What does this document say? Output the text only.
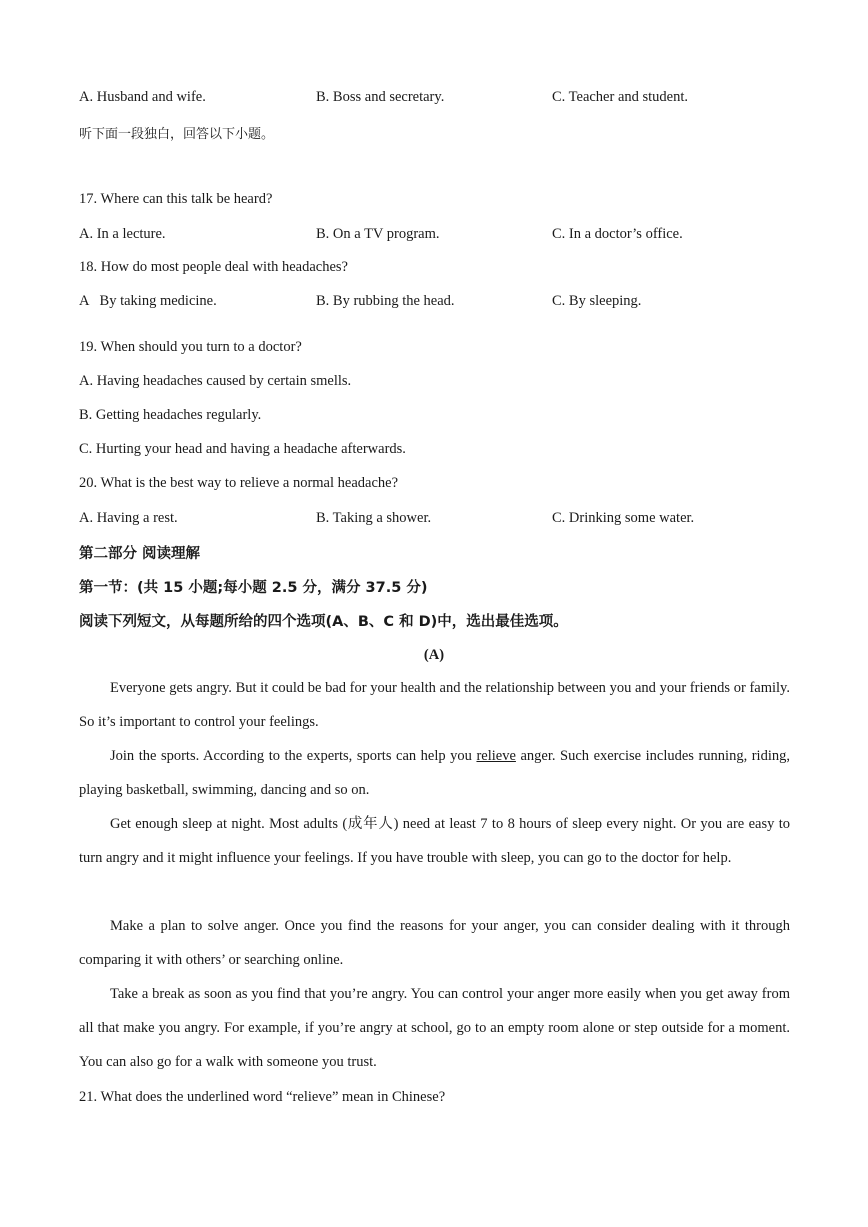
A. Husband and wife.	B. Boss and secretary.	C. Teacher and student.
听下面一段独白，回答以下小题。
17. Where can this talk be heard?
A. In a lecture.	B. On a TV program.	C. In a doctor’s office.
18. How do most people deal with headaches?
A   By taking medicine.	B. By rubbing the head.	C. By sleeping.
19. When should you turn to a doctor?
A. Having headaches caused by certain smells.
B. Getting headaches regularly.
C. Hurting your head and having a headache afterwards.
20. What is the best way to relieve a normal headache?
A. Having a rest.	B. Taking a shower.	C. Drinking some water.
第二部分 阅读理解
第一节：(共 15 小题;每小题 2.5 分，满分 37.5 分)
阅读下列短文，从每题所给的四个选项(A、B、C 和 D)中，选出最佳选项。
(A)
Everyone gets angry. But it could be bad for your health and the relationship between you and your friends or family. So it’s important to control your feelings.
Join the sports. According to the experts, sports can help you relieve anger. Such exercise includes running, riding, playing basketball, swimming, dancing and so on.
Get enough sleep at night. Most adults (成年人) need at least 7 to 8 hours of sleep every night. Or you are easy to turn angry and it might influence your feelings. If you have trouble with sleep, you can go to the doctor for help.
Make a plan to solve anger. Once you find the reasons for your anger, you can consider dealing with it through comparing it with others’ or searching online.
Take a break as soon as you find that you’re angry. You can control your anger more easily when you get away from all that make you angry. For example, if you’re angry at school, go to an empty room alone or step outside for a moment. You can also go for a walk with someone you trust.
21. What does the underlined word “relieve” mean in Chinese?
